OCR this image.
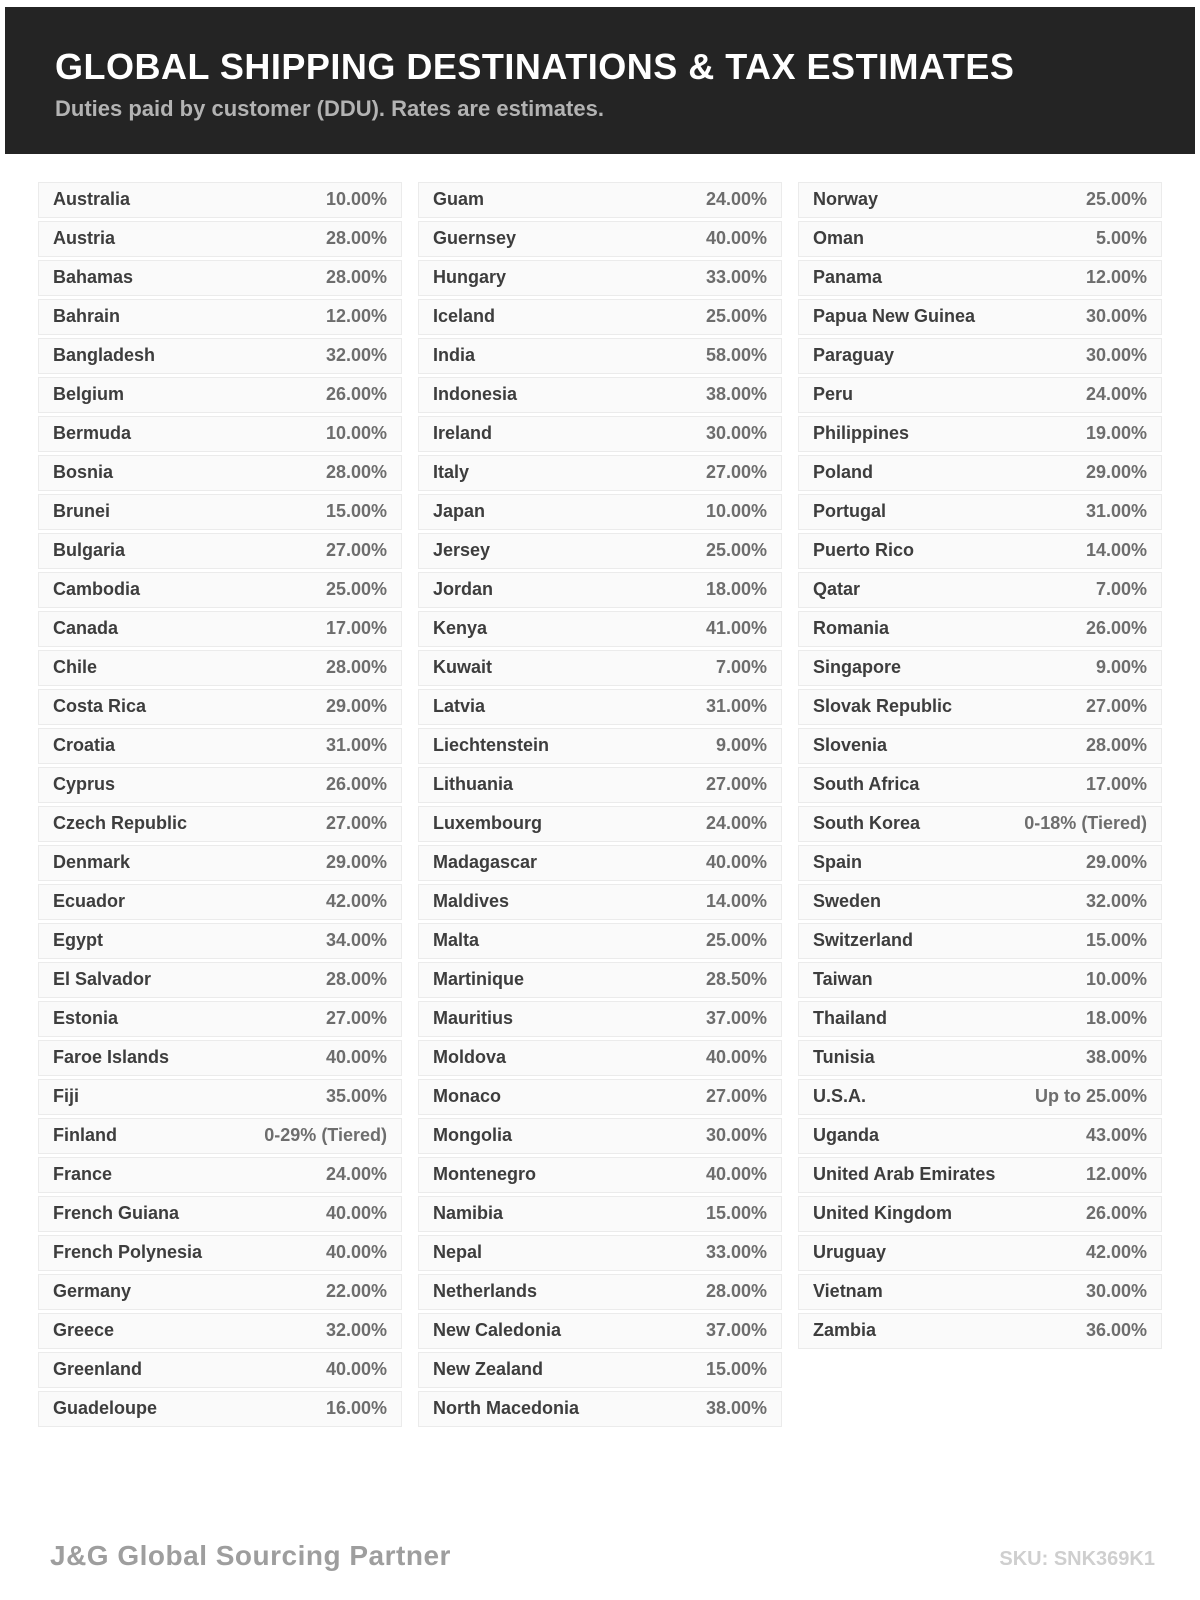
GLOBAL SHIPPING DESTINATIONS & TAX ESTIMATES

Duties paid by customer (DDU). Rates are estimates.

Australia	10.00%
Austria	28.00%
Bahamas	28.00%
Bahrain	12.00%
Bangladesh	32.00%
Belgium	26.00%
Bermuda	10.00%
Bosnia	28.00%
Brunei	15.00%
Bulgaria	27.00%
Cambodia	25.00%
Canada	17.00%
Chile	28.00%
Costa Rica	29.00%
Croatia	31.00%
Cyprus	26.00%
Czech Republic	27.00%
Denmark	29.00%
Ecuador	42.00%
Egypt	34.00%
El Salvador	28.00%
Estonia	27.00%
Faroe Islands	40.00%
Fiji	35.00%
Finland	0-29% (Tiered)
France	24.00%
French Guiana	40.00%
French Polynesia	40.00%
Germany	22.00%
Greece	32.00%
Greenland	40.00%
Guadeloupe	16.00%
Guam	24.00%
Guernsey	40.00%
Hungary	33.00%
Iceland	25.00%
India	58.00%
Indonesia	38.00%
Ireland	30.00%
Italy	27.00%
Japan	10.00%
Jersey	25.00%
Jordan	18.00%
Kenya	41.00%
Kuwait	7.00%
Latvia	31.00%
Liechtenstein	9.00%
Lithuania	27.00%
Luxembourg	24.00%
Madagascar	40.00%
Maldives	14.00%
Malta	25.00%
Martinique	28.50%
Mauritius	37.00%
Moldova	40.00%
Monaco	27.00%
Mongolia	30.00%
Montenegro	40.00%
Namibia	15.00%
Nepal	33.00%
Netherlands	28.00%
New Caledonia	37.00%
New Zealand	15.00%
North Macedonia	38.00%
Norway	25.00%
Oman	5.00%
Panama	12.00%
Papua New Guinea	30.00%
Paraguay	30.00%
Peru	24.00%
Philippines	19.00%
Poland	29.00%
Portugal	31.00%
Puerto Rico	14.00%
Qatar	7.00%
Romania	26.00%
Singapore	9.00%
Slovak Republic	27.00%
Slovenia	28.00%
South Africa	17.00%
South Korea	0-18% (Tiered)
Spain	29.00%
Sweden	32.00%
Switzerland	15.00%
Taiwan	10.00%
Thailand	18.00%
Tunisia	38.00%
U.S.A.	Up to 25.00%
Uganda	43.00%
United Arab Emirates	12.00%
United Kingdom	26.00%
Uruguay	42.00%
Vietnam	30.00%
Zambia	36.00%
J&G Global Sourcing Partner	SKU: SNK369K1
